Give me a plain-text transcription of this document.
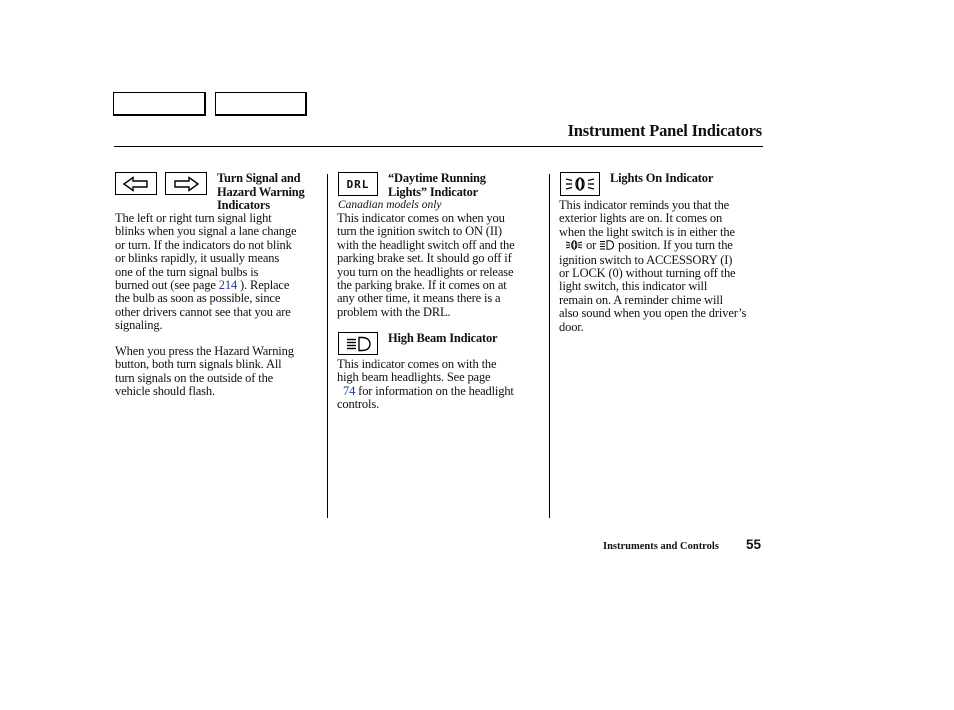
Instrument Panel Indicators
Turn Signal and
Hazard Warning
Indicators
The left or right turn signal light
blinks when you signal a lane change
or turn. If the indicators do not blink
or blinks rapidly, it usually means
one of the turn signal bulbs is
burned out (see page 214 ). Replace
the bulb as soon as possible, since
other drivers cannot see that you are
signaling.
When you press the Hazard Warning
button, both turn signals blink. All
turn signals on the outside of the
vehicle should flash.
DRL “Daytime Running
Lights” Indicator
Canadian models only
This indicator comes on when you
turn the ignition switch to ON (II)
with the headlight switch off and the
parking brake set. It should go off if
you turn on the headlights or release
the parking brake. If it comes on at
any other time, it means there is a
problem with the DRL.
High Beam Indicator
This indicator comes on with the
high beam headlights. See page
74 for information on the headlight
controls.
Lights On Indicator
This indicator reminds you that the
exterior lights are on. It comes on
when the light switch is in either the
or  position. If you turn the
ignition switch to ACCESSORY (I)
or LOCK (0) without turning off the
light switch, this indicator will
remain on. A reminder chime will
also sound when you open the driver’s
door.
Instruments and Controls 55
